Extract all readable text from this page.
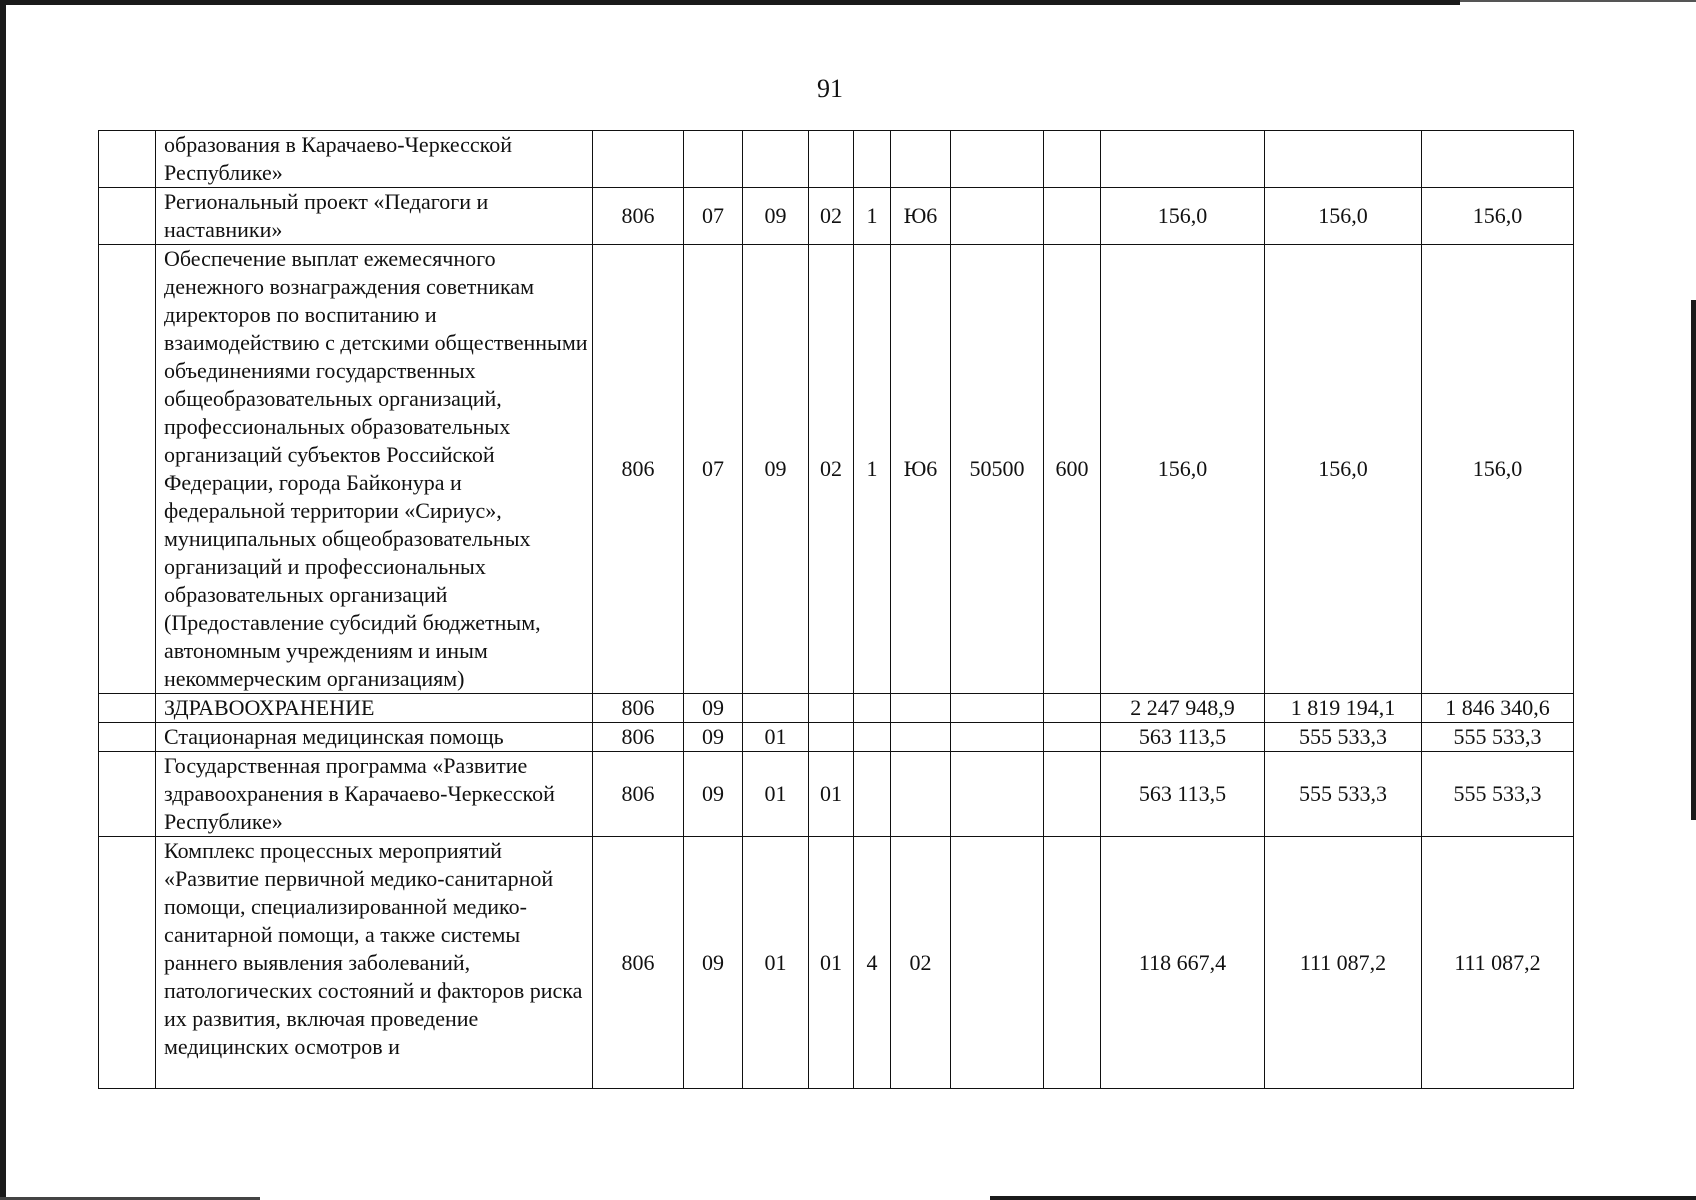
91
	образования в Карачаево-Черкесской Республике»											
	Региональный проект «Педагоги и наставники»	806	07	09	02	1	Ю6			156,0	156,0	156,0
	Обеспечение выплат ежемесячного денежного вознаграждения советникам директоров по воспитанию и взаимодействию с детскими общественными объединениями государственных общеобразовательных организаций, профессиональных образовательных организаций субъектов Российской Федерации, города Байконура и федеральной территории «Сириус», муниципальных общеобразовательных организаций и профессиональных образовательных организаций (Предоставление субсидий бюджетным, автономным учреждениям и иным некоммерческим организациям)	806	07	09	02	1	Ю6	50500	600	156,0	156,0	156,0
	ЗДРАВООХРАНЕНИЕ	806	09							2 247 948,9	1 819 194,1	1 846 340,6
	Стационарная медицинская помощь	806	09	01						563 113,5	555 533,3	555 533,3
	Государственная программа «Развитие здравоохранения в Карачаево-Черкесской Республике»	806	09	01	01					563 113,5	555 533,3	555 533,3
	Комплекс процессных мероприятий «Развитие первичной медико-санитарной помощи, специализированной медико-санитарной помощи, а также системы раннего выявления заболеваний, патологических состояний и факторов риска их развития, включая проведение медицинских осмотров и	806	09	01	01	4	02			118 667,4	111 087,2	111 087,2
